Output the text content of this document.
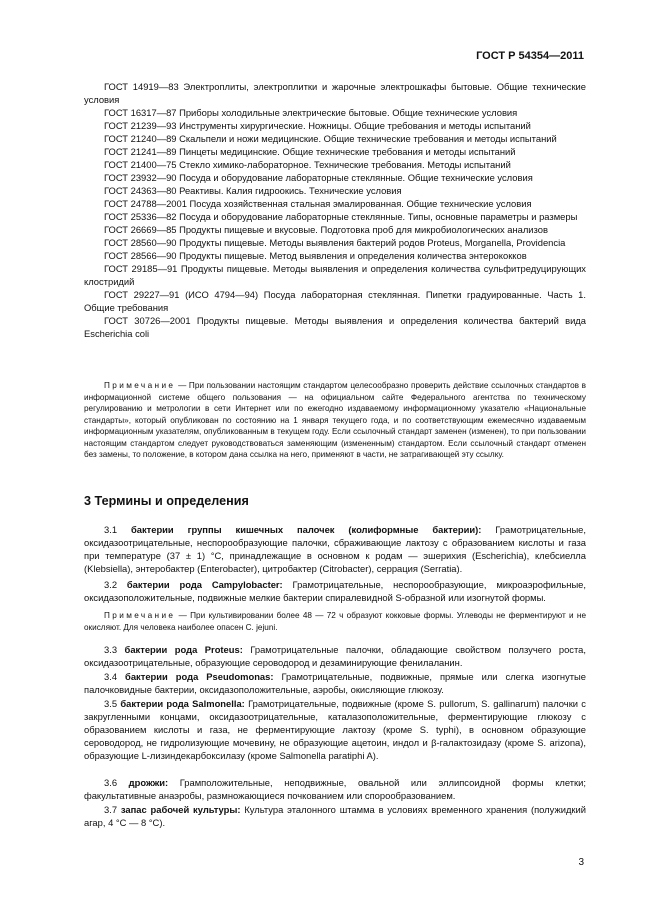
ГОСТ Р 54354—2011
ГОСТ 14919—83 Электроплиты, электроплитки и жарочные электрошкафы бытовые. Общие технические условия
ГОСТ 16317—87 Приборы холодильные электрические бытовые. Общие технические условия
ГОСТ 21239—93 Инструменты хирургические. Ножницы. Общие требования и методы испытаний
ГОСТ 21240—89 Скальпели и ножи медицинские. Общие технические требования и методы испытаний
ГОСТ 21241—89 Пинцеты медицинские. Общие технические требования и методы испытаний
ГОСТ 21400—75 Стекло химико-лабораторное. Технические требования. Методы испытаний
ГОСТ 23932—90 Посуда и оборудование лабораторные стеклянные. Общие технические условия
ГОСТ 24363—80 Реактивы. Калия гидроокись. Технические условия
ГОСТ 24788—2001 Посуда хозяйственная стальная эмалированная. Общие технические условия
ГОСТ 25336—82 Посуда и оборудование лабораторные стеклянные. Типы, основные параметры и размеры
ГОСТ 26669—85 Продукты пищевые и вкусовые. Подготовка проб для микробиологических анализов
ГОСТ 28560—90 Продукты пищевые. Методы выявления бактерий родов Proteus, Morganella, Providencia
ГОСТ 28566—90 Продукты пищевые. Метод выявления и определения количества энтерококков
ГОСТ 29185—91 Продукты пищевые. Методы выявления и определения количества сульфитредуцирующих клостридий
ГОСТ 29227—91 (ИСО 4794—94) Посуда лабораторная стеклянная. Пипетки градуированные. Часть 1. Общие требования
ГОСТ 30726—2001 Продукты пищевые. Методы выявления и определения количества бактерий вида Escherichia coli
Примечание — При пользовании настоящим стандартом целесообразно проверить действие ссылочных стандартов в информационной системе общего пользования — на официальном сайте Федерального агентства по техническому регулированию и метрологии в сети Интернет или по ежегодно издаваемому информационному указателю «Национальные стандарты», который опубликован по состоянию на 1 января текущего года, и по соответствующим ежемесячно издаваемым информационным указателям, опубликованным в текущем году. Если ссылочный стандарт заменен (изменен), то при пользовании настоящим стандартом следует руководствоваться заменяющим (измененным) стандартом. Если ссылочный стандарт отменен без замены, то положение, в котором дана ссылка на него, применяют в части, не затрагивающей эту ссылку.
3 Термины и определения
3.1 бактерии группы кишечных палочек (колиформные бактерии): Грамотрицательные, оксидазоотрицательные, неспорообразующие палочки, сбраживающие лактозу с образованием кислоты и газа при температуре (37 ± 1) °С, принадлежащие в основном к родам — эшерихия (Escherichia), клебсиелла (Klebsiella), энтеробактер (Enterobacter), цитробактер (Citrobacter), серрация (Serratia).
3.2 бактерии рода Campylobacter: Грамотрицательные, неспорообразующие, микроаэрофильные, оксидазоположительные, подвижные мелкие бактерии спиралевидной S-образной или изогнутой формы.
Примечание — При культивировании более 48 — 72 ч образуют кокковые формы. Углеводы не ферментируют и не окисляют. Для человека наиболее опасен C. jejuni.
3.3 бактерии рода Proteus: Грамотрицательные палочки, обладающие свойством ползучего роста, оксидазоотрицательные, образующие сероводород и дезаминирующие фенилаланин.
3.4 бактерии рода Pseudomonas: Грамотрицательные, подвижные, прямые или слегка изогнутые палочковидные бактерии, оксидазоположительные, аэробы, окисляющие глюкозу.
3.5 бактерии рода Salmonella: Грамотрицательные, подвижные (кроме S. pullorum, S. gallinarum) палочки с закругленными концами, оксидазоотрицательные, каталазоположительные, ферментирующие глюкозу с образованием кислоты и газа, не ферментирующие лактозу (кроме S. typhi), в основном образующие сероводород, не гидролизующие мочевину, не образующие ацетоин, индол и β-галактозидазу (кроме S. arizona), образующие L-лизиндекарбоксилазу (кроме Salmonella paratiphi A).
3.6 дрожжи: Грамположительные, неподвижные, овальной или эллипсоидной формы клетки; факультативные анаэробы, размножающиеся почкованием или спорообразованием.
3.7 запас рабочей культуры: Культура эталонного штамма в условиях временного хранения (полужидкий агар, 4 °С — 8 °С).
3
